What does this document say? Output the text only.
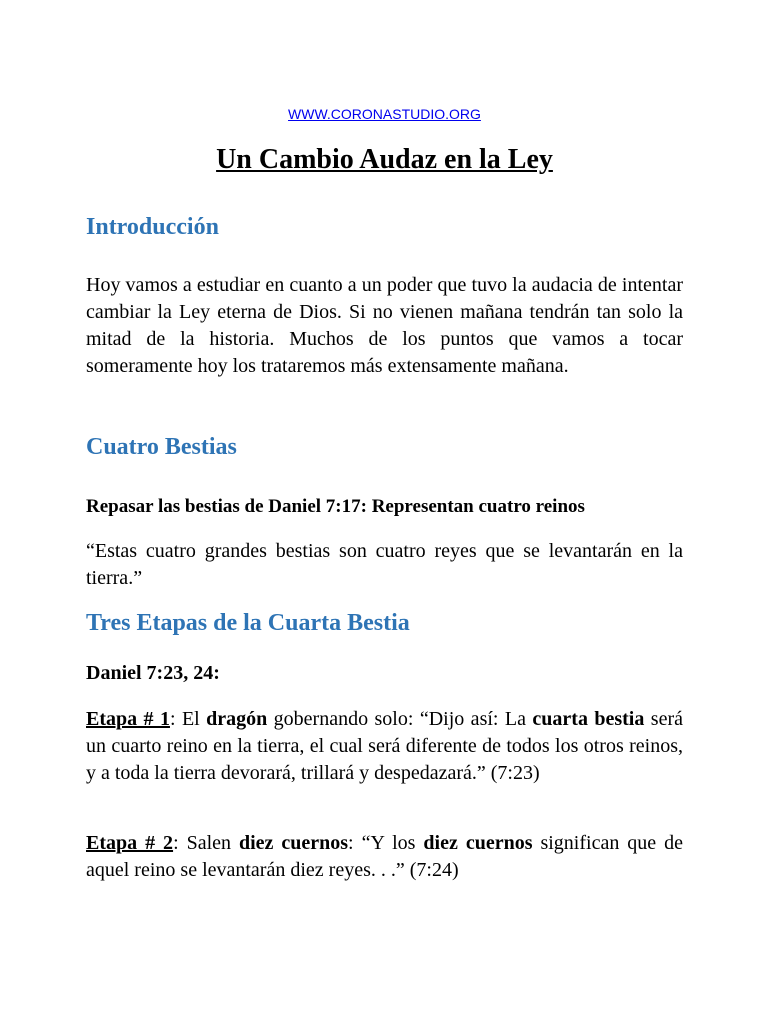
WWW.CORONASTUDIO.ORG
Un Cambio Audaz en la Ley
Introducción

Hoy vamos a estudiar en cuanto a un poder que tuvo la audacia de intentar cambiar la Ley eterna de Dios. Si no vienen mañana tendrán tan solo la mitad de la historia. Muchos de los puntos que vamos a tocar someramente hoy los trataremos más extensamente mañana.

Cuatro Bestias

Repasar las bestias de Daniel 7:17: Representan cuatro reinos

“Estas cuatro grandes bestias son cuatro reyes que se levantarán en la tierra.”

Tres Etapas de la Cuarta Bestia

Daniel 7:23, 24:

Etapa # 1: El dragón gobernando solo: “Dijo así: La cuarta bestia será un cuarto reino en la tierra, el cual será diferente de todos los otros reinos, y a toda la tierra devorará, trillará y despedazará.” (7:23)

Etapa # 2: Salen diez cuernos: “Y los diez cuernos significan que de aquel reino se levantarán diez reyes. . .” (7:24)
